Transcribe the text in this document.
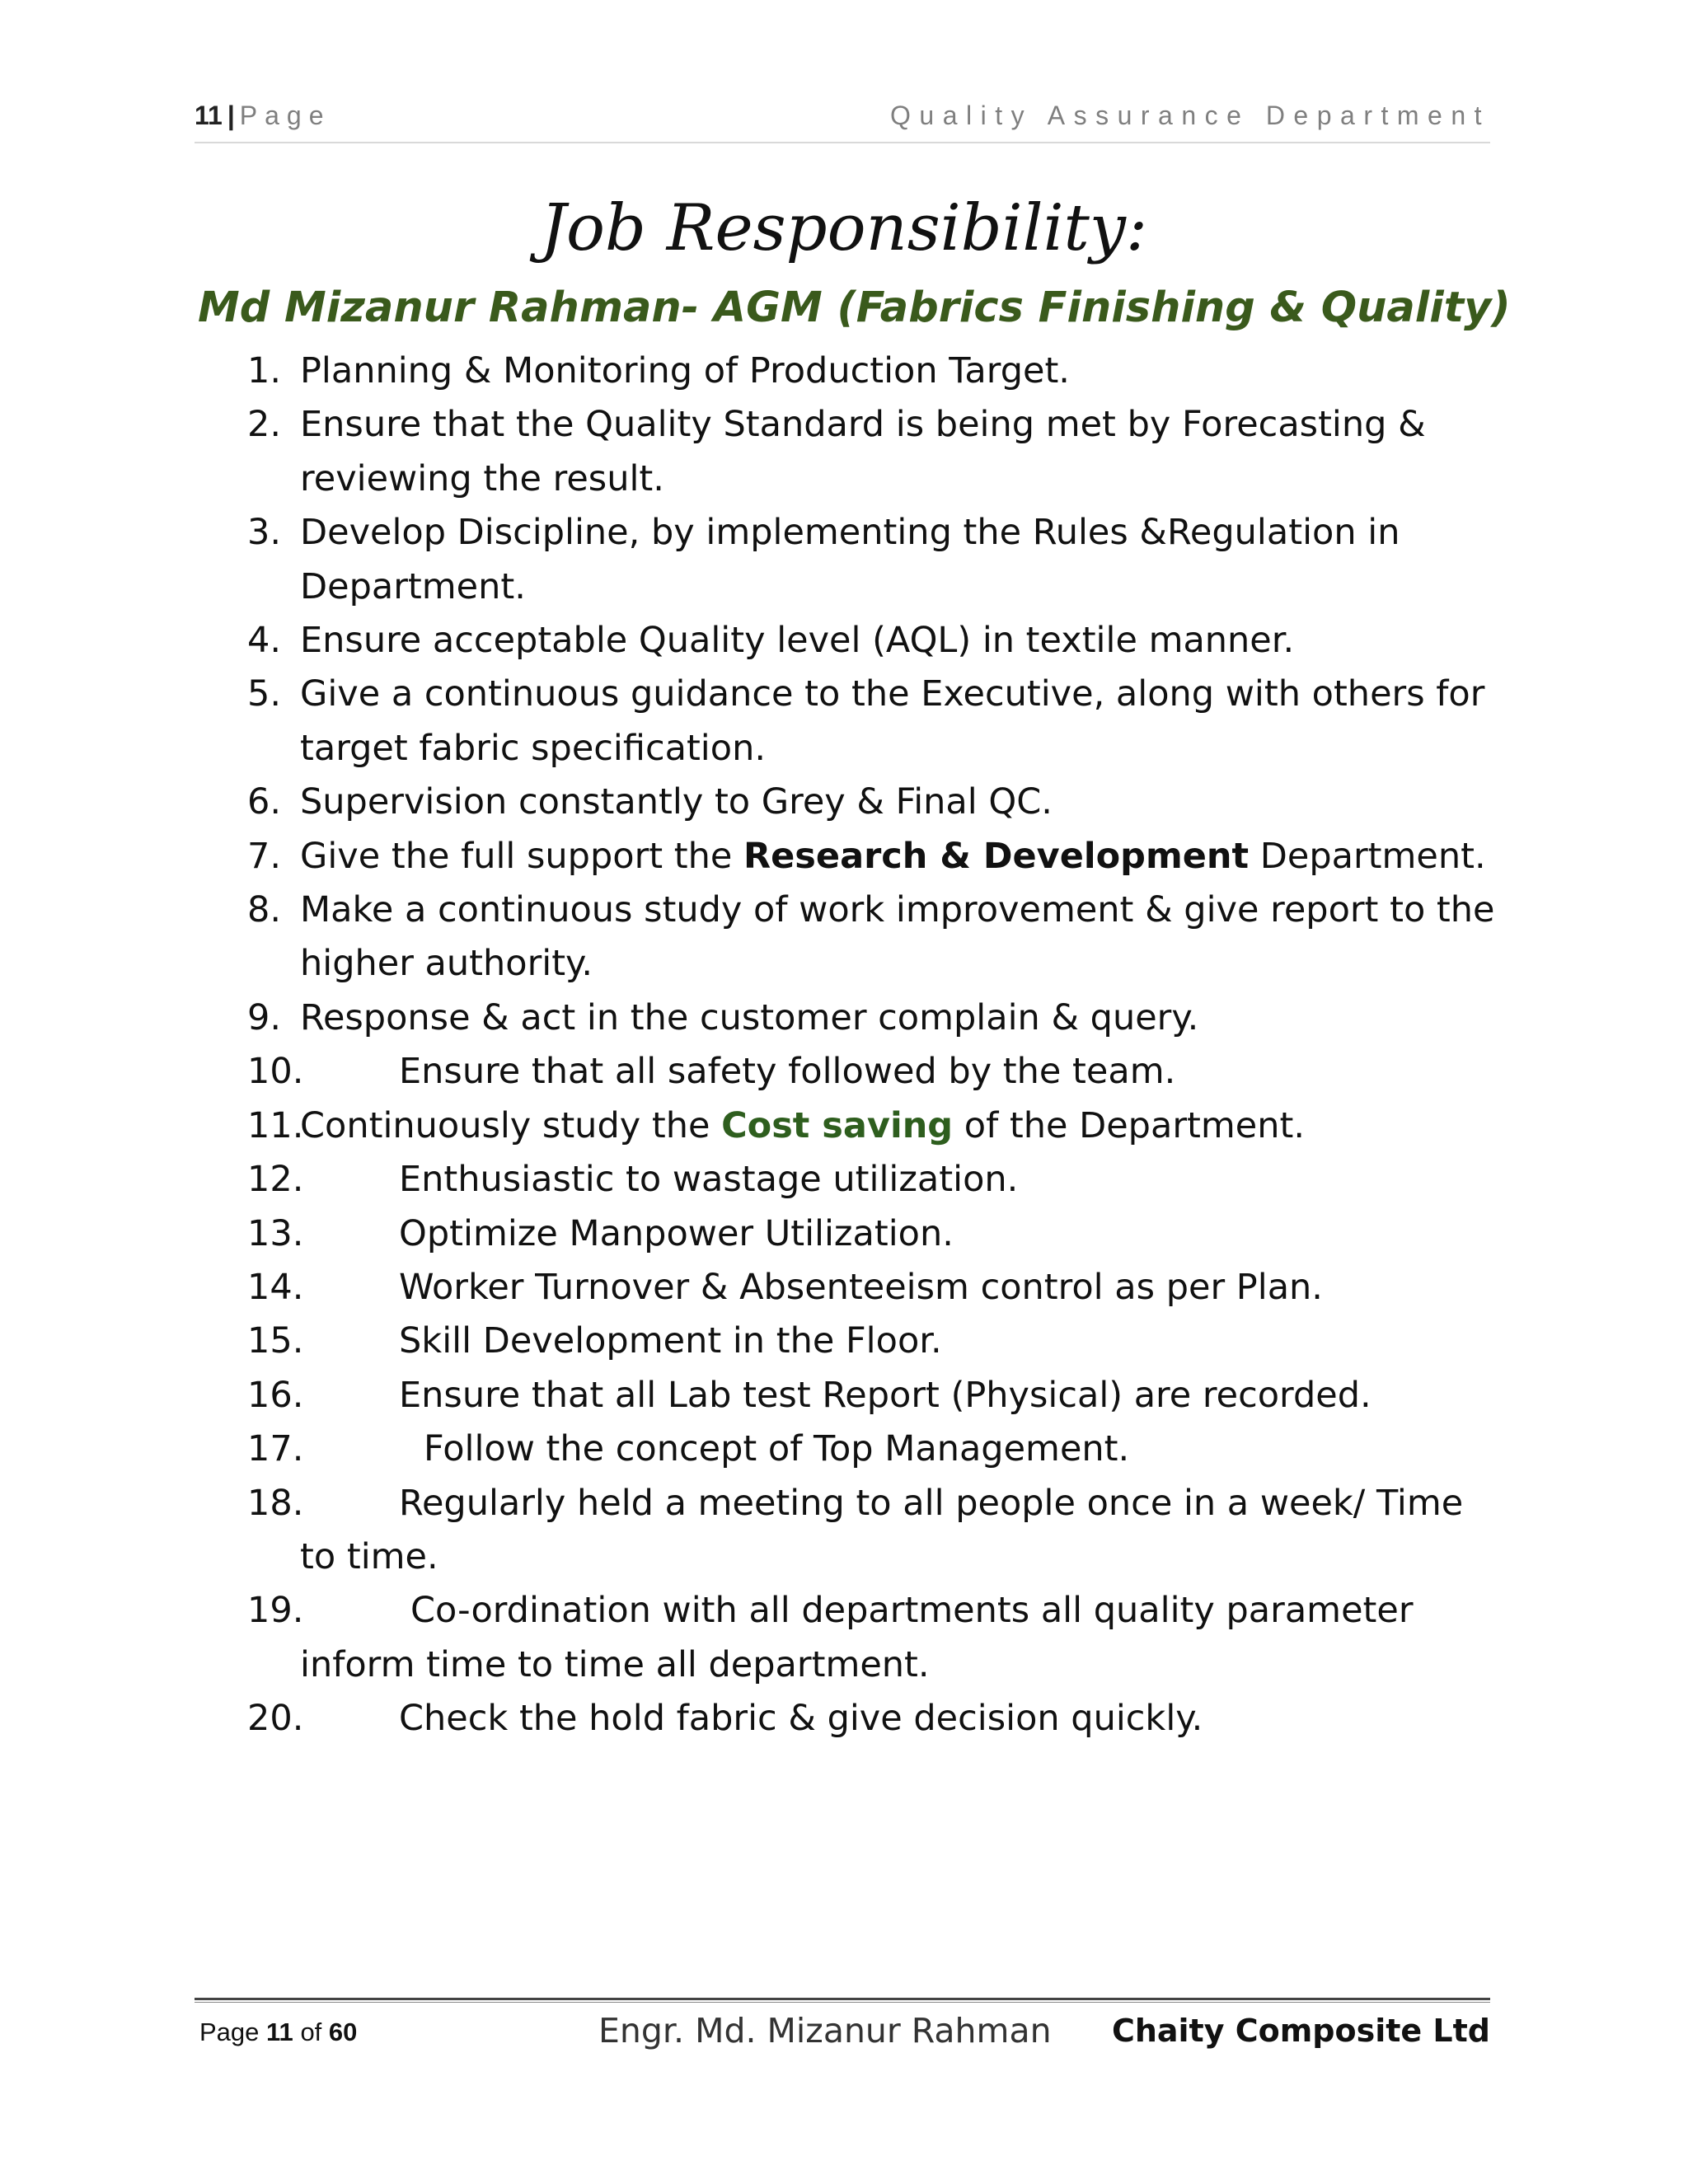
11 | Page	Quality Assurance Department
Job Responsibility:
Md Mizanur Rahman- AGM (Fabrics Finishing & Quality)
1. Planning & Monitoring of Production Target.
2. Ensure that the Quality Standard is being met by Forecasting & reviewing the result.
3. Develop Discipline, by implementing the Rules &Regulation in Department.
4. Ensure acceptable Quality level (AQL) in textile manner.
5. Give a continuous guidance to the Executive, along with others for target fabric specification.
6. Supervision constantly to Grey & Final QC.
7. Give the full support the Research & Development Department.
8. Make a continuous study of work improvement & give report to the higher authority.
9. Response & act in the customer complain & query.
10.	Ensure that all safety followed by the team.
11.
Continuously study the Cost saving of the Department.
12.	Enthusiastic to wastage utilization.
13.	Optimize Manpower Utilization.
14.	Worker Turnover & Absenteeism control as per Plan.
15.	Skill Development in the Floor.
16.	Ensure that all Lab test Report (Physical) are recorded.
17.	Follow the concept of Top Management.
18.	Regularly held a meeting to all people once in a week/ Time
to time.
19.	Co-ordination with all departments all quality parameter
inform time to time all department.
20.	Check the hold fabric & give decision quickly.
Page 11 of 60	Engr. Md. Mizanur Rahman Chaity Composite Ltd
